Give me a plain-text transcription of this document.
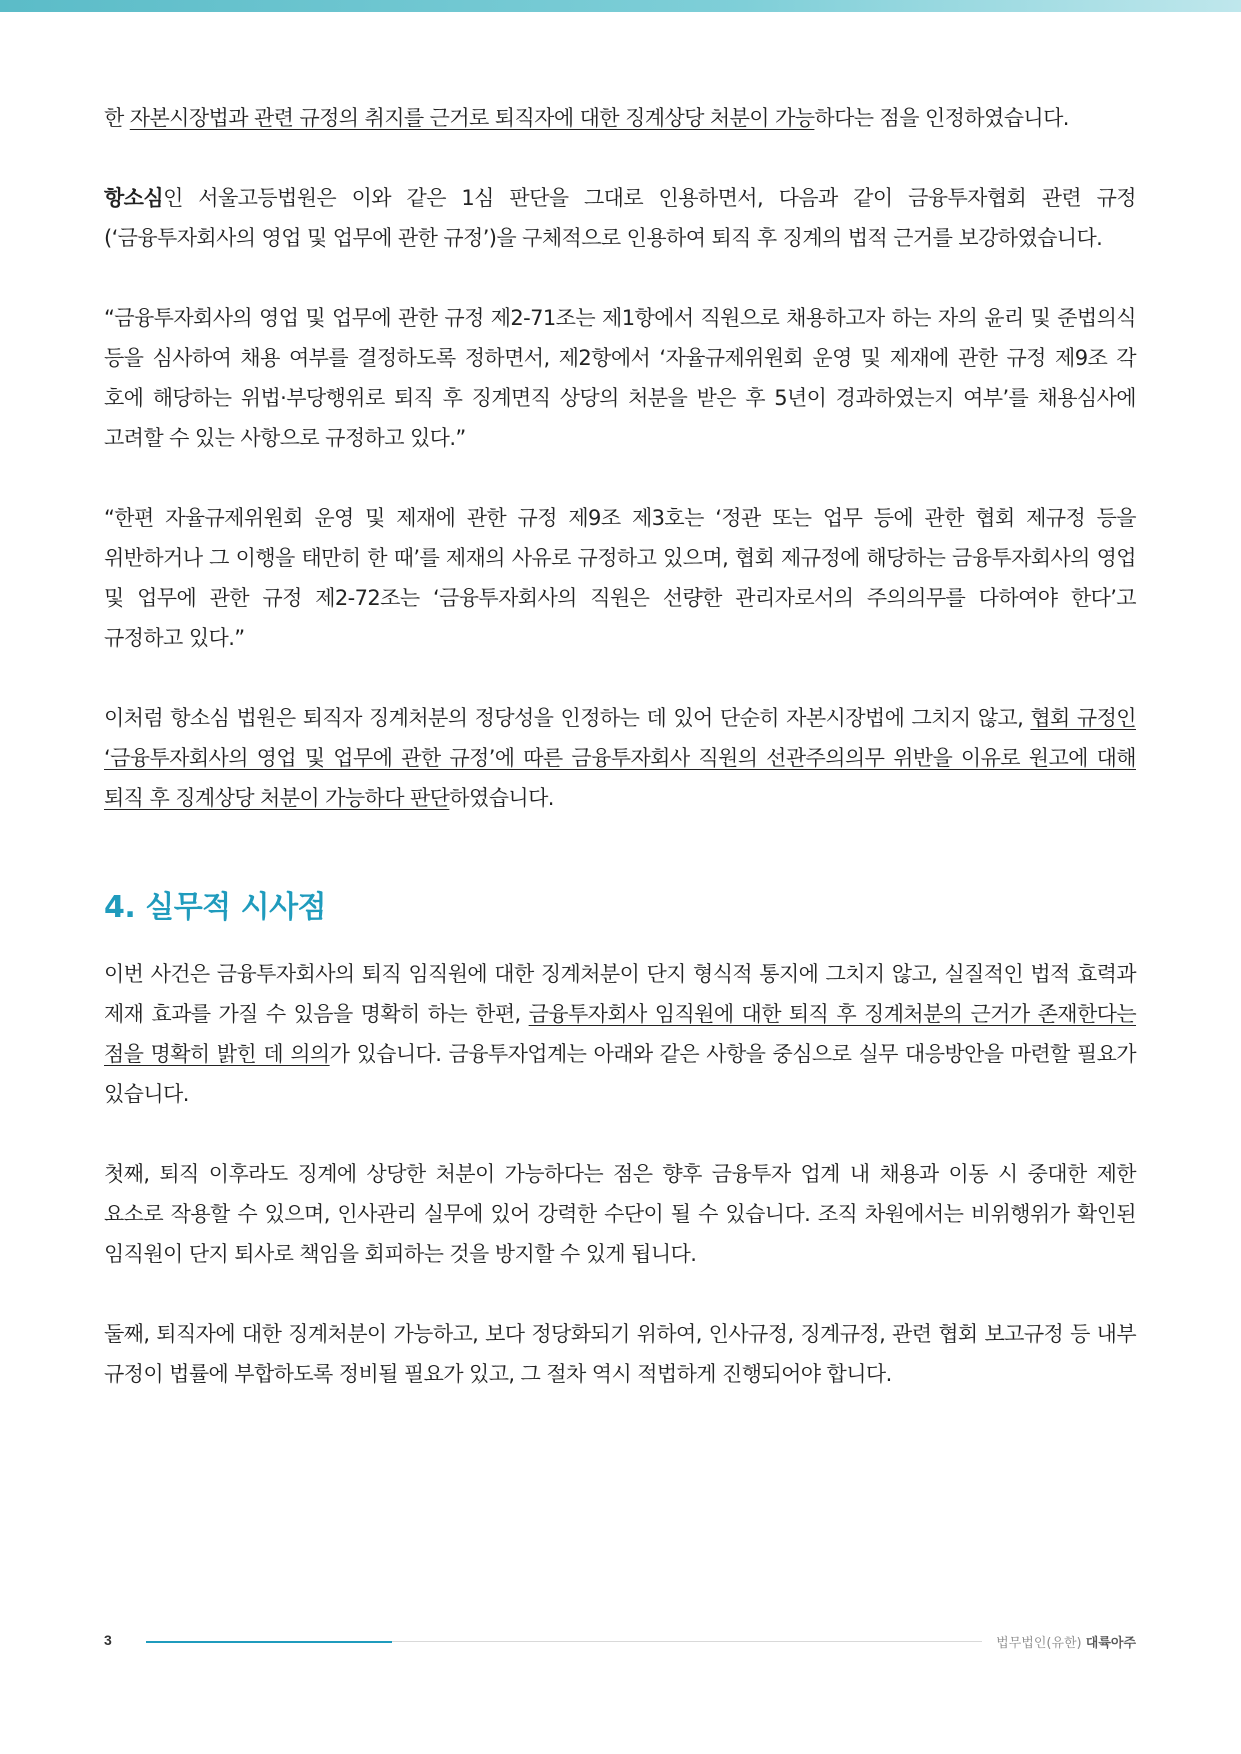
한 자본시장법과 관련 규정의 취지를 근거로 퇴직자에 대한 징계상당 처분이 가능하다는 점을 인정하였습니다.

항소심인 서울고등법원은 이와 같은 1심 판단을 그대로 인용하면서, 다음과 같이 금융투자협회 관련 규정(‘금융투자회사의 영업 및 업무에 관한 규정’)을 구체적으로 인용하여 퇴직 후 징계의 법적 근거를 보강하였습니다.

“금융투자회사의 영업 및 업무에 관한 규정 제2-71조는 제1항에서 직원으로 채용하고자 하는 자의 윤리 및 준법의식 등을 심사하여 채용 여부를 결정하도록 정하면서, 제2항에서 ‘자율규제위원회 운영 및 제재에 관한 규정 제9조 각 호에 해당하는 위법·부당행위로 퇴직 후 징계면직 상당의 처분을 받은 후 5년이 경과하였는지 여부’를 채용심사에 고려할 수 있는 사항으로 규정하고 있다.”

“한편 자율규제위원회 운영 및 제재에 관한 규정 제9조 제3호는 ‘정관 또는 업무 등에 관한 협회 제규정 등을 위반하거나 그 이행을 태만히 한 때’를 제재의 사유로 규정하고 있으며, 협회 제규정에 해당하는 금융투자회사의 영업 및 업무에 관한 규정 제2-72조는 ‘금융투자회사의 직원은 선량한 관리자로서의 주의의무를 다하여야 한다’고 규정하고 있다.”

이처럼 항소심 법원은 퇴직자 징계처분의 정당성을 인정하는 데 있어 단순히 자본시장법에 그치지 않고, 협회 규정인 ‘금융투자회사의 영업 및 업무에 관한 규정’에 따른 금융투자회사 직원의 선관주의의무 위반을 이유로 원고에 대해 퇴직 후 징계상당 처분이 가능하다 판단하였습니다.

4. 실무적 시사점

이번 사건은 금융투자회사의 퇴직 임직원에 대한 징계처분이 단지 형식적 통지에 그치지 않고, 실질적인 법적 효력과 제재 효과를 가질 수 있음을 명확히 하는 한편, 금융투자회사 임직원에 대한 퇴직 후 징계처분의 근거가 존재한다는 점을 명확히 밝힌 데 의의가 있습니다. 금융투자업계는 아래와 같은 사항을 중심으로 실무 대응방안을 마련할 필요가 있습니다.

첫째, 퇴직 이후라도 징계에 상당한 처분이 가능하다는 점은 향후 금융투자 업계 내 채용과 이동 시 중대한 제한 요소로 작용할 수 있으며, 인사관리 실무에 있어 강력한 수단이 될 수 있습니다. 조직 차원에서는 비위행위가 확인된 임직원이 단지 퇴사로 책임을 회피하는 것을 방지할 수 있게 됩니다.

둘째, 퇴직자에 대한 징계처분이 가능하고, 보다 정당화되기 위하여, 인사규정, 징계규정, 관련 협회 보고규정 등 내부 규정이 법률에 부합하도록 정비될 필요가 있고, 그 절차 역시 적법하게 진행되어야 합니다.

3	법무법인(유한) 대륙아주
